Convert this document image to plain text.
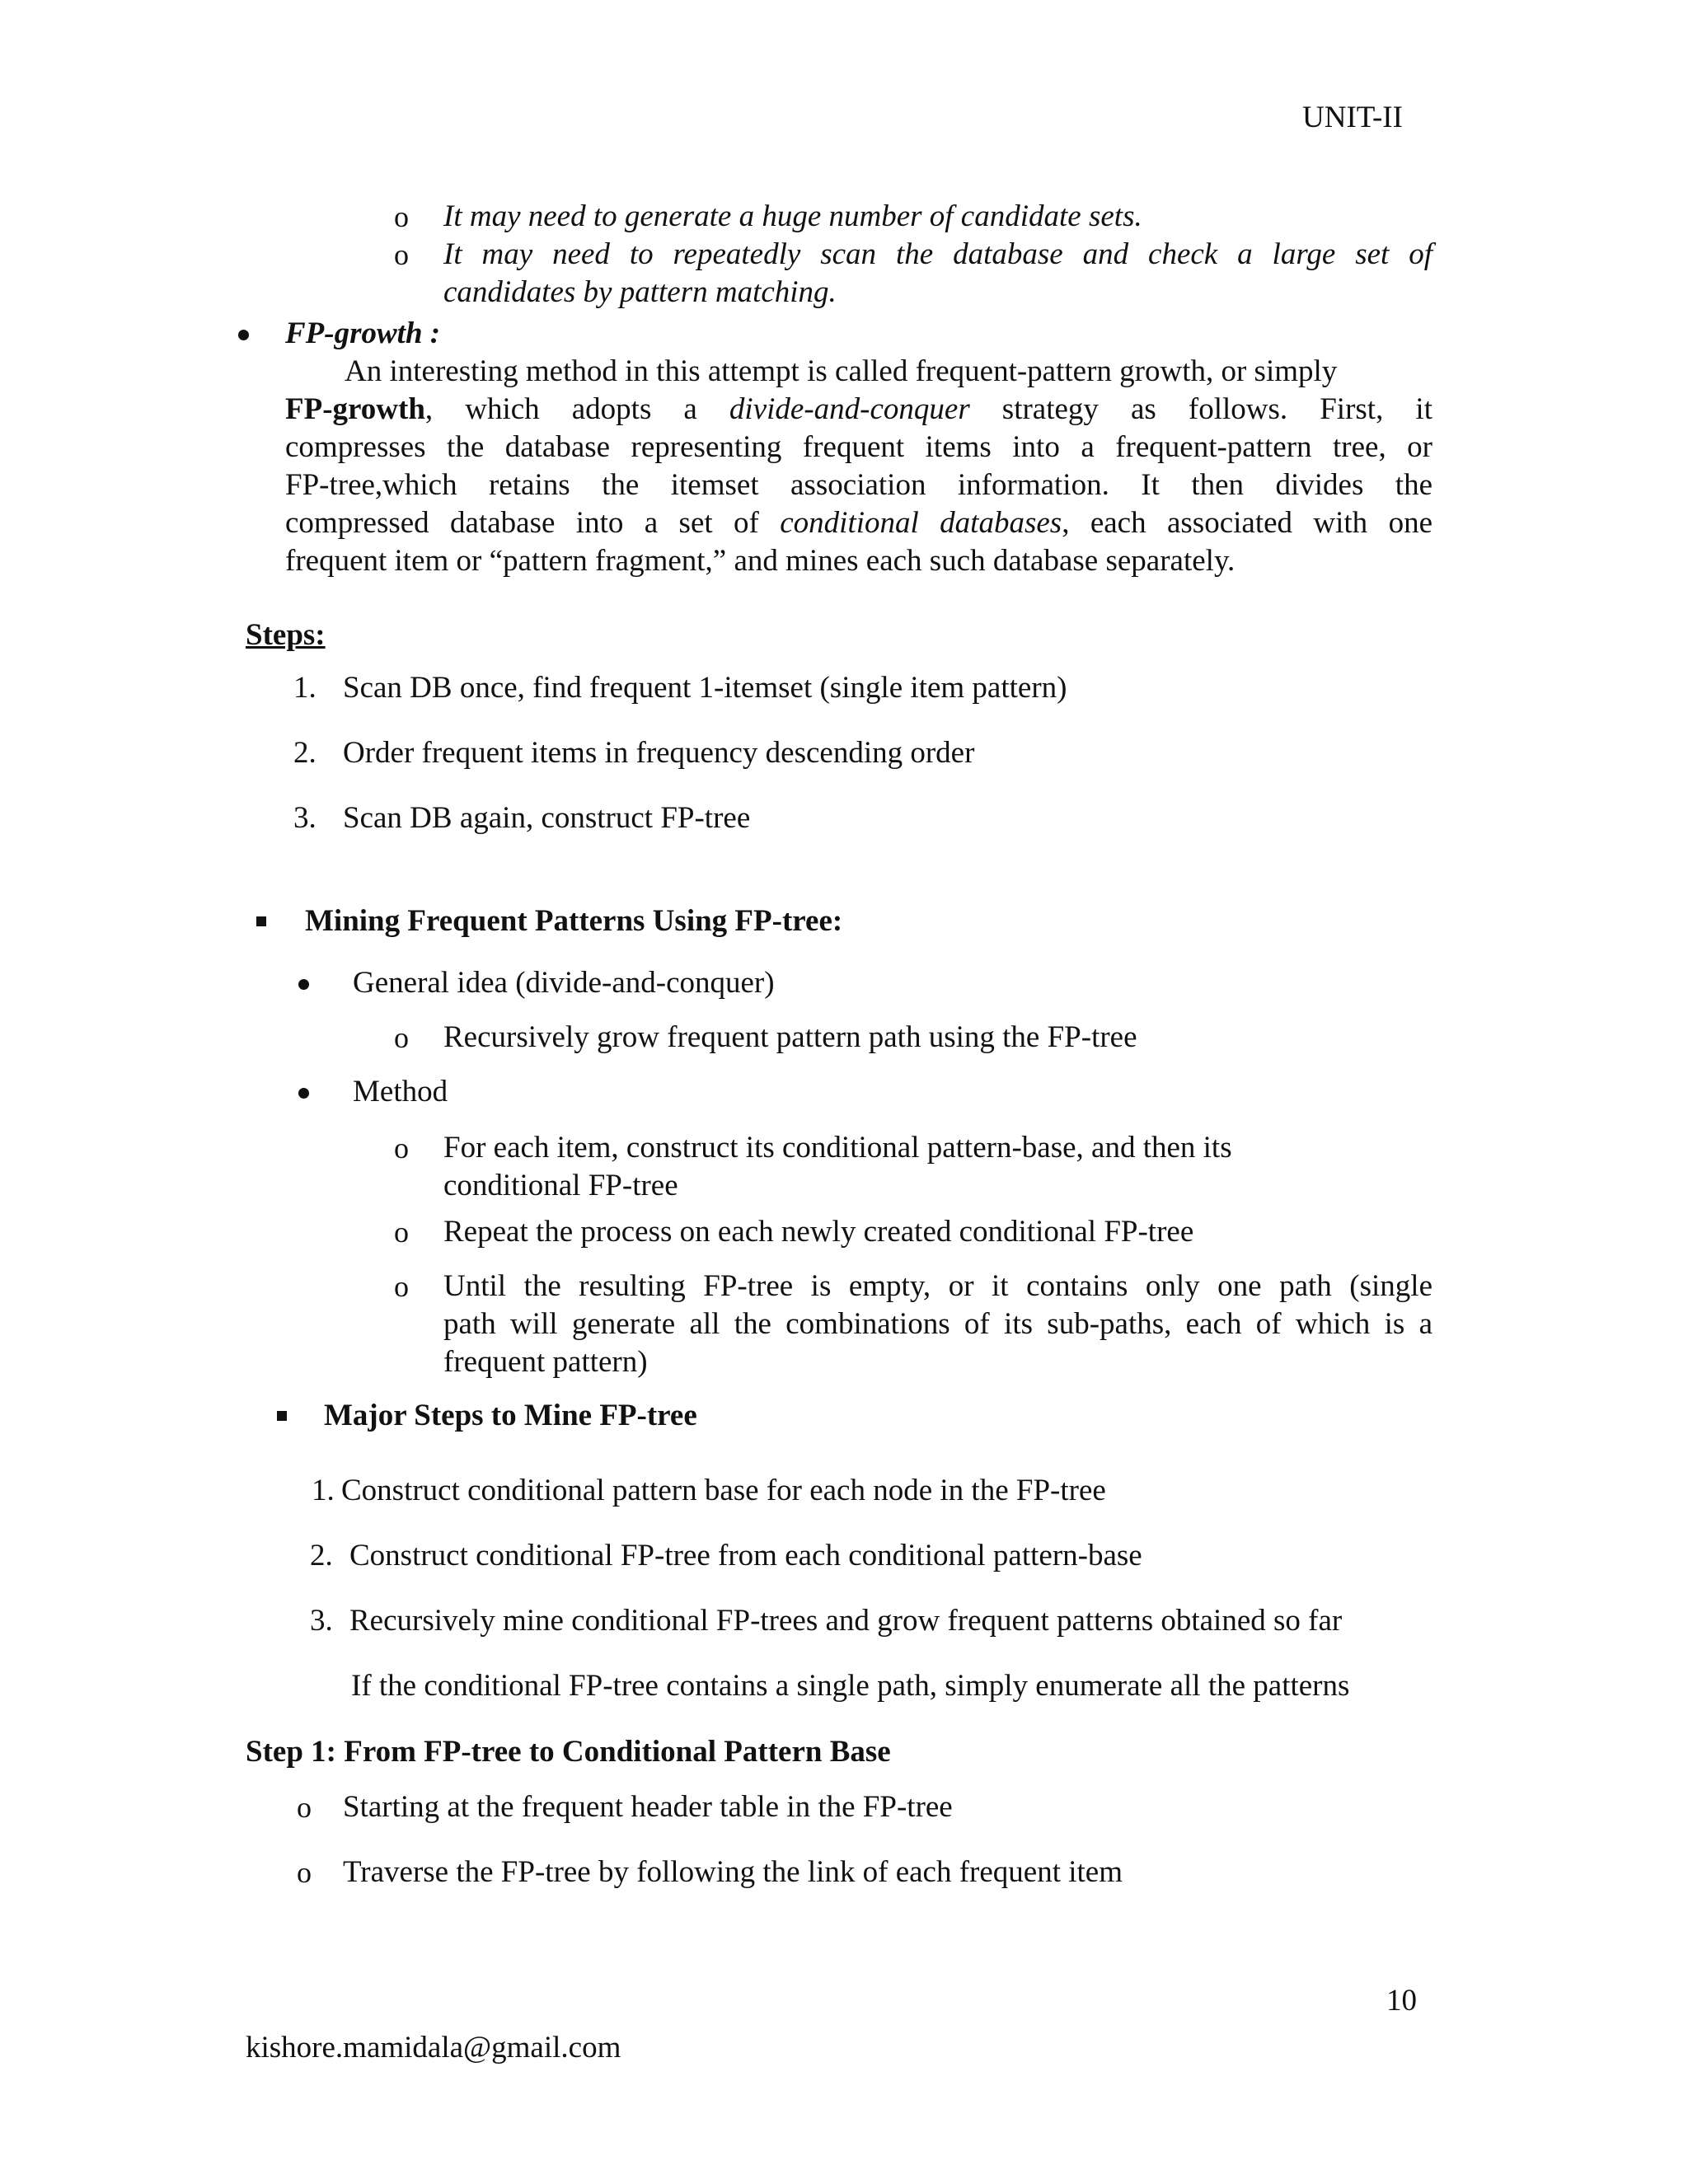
UNIT-II
o It may need to generate a huge number of candidate sets.
o It may need to repeatedly scan the database and check a large set of
candidates by pattern matching.
FP-growth :
An interesting method in this attempt is called frequent-pattern growth, or simply
FP-growth, which adopts a divide-and-conquer strategy as follows. First, it
compresses the database representing frequent items into a frequent-pattern tree, or
FP-tree,which retains the itemset association information. It then divides the
compressed database into a set of conditional databases, each associated with one
frequent item or “pattern fragment,” and mines each such database separately.
Steps:
1. Scan DB once, find frequent 1-itemset (single item pattern)
2. Order frequent items in frequency descending order
3. Scan DB again, construct FP-tree
Mining Frequent Patterns Using FP-tree:
General idea (divide-and-conquer)
o Recursively grow frequent pattern path using the FP-tree
Method
o For each item, construct its conditional pattern-base, and then its
conditional FP-tree
o Repeat the process on each newly created conditional FP-tree
o Until the resulting FP-tree is empty, or it contains only one path (single
path will generate all the combinations of its sub-paths, each of which is a
frequent pattern)
Major Steps to Mine FP-tree
1. Construct conditional pattern base for each node in the FP-tree
2. Construct conditional FP-tree from each conditional pattern-base
3. Recursively mine conditional FP-trees and grow frequent patterns obtained so far
If the conditional FP-tree contains a single path, simply enumerate all the patterns
Step 1: From FP-tree to Conditional Pattern Base
o Starting at the frequent header table in the FP-tree
o Traverse the FP-tree by following the link of each frequent item
10
kishore.mamidala@gmail.com
